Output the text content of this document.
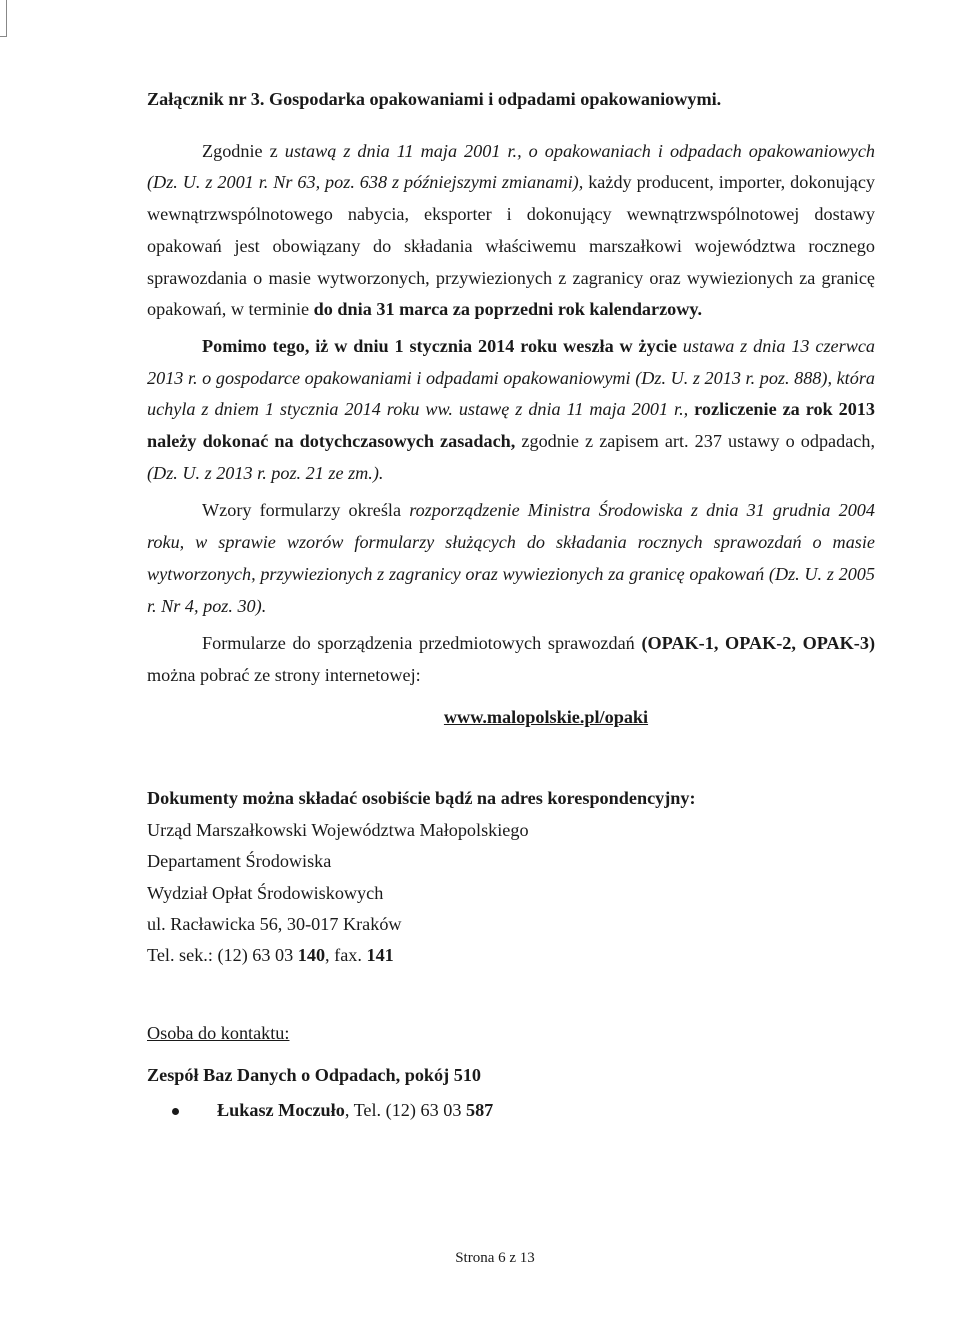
Załącznik nr 3. Gospodarka opakowaniami i odpadami opakowaniowymi.

Zgodnie z ustawą z dnia 11 maja 2001 r., o opakowaniach i odpadach opakowaniowych (Dz. U. z 2001 r. Nr 63, poz. 638 z późniejszymi zmianami), każdy producent, importer, dokonujący wewnątrzwspólnotowego nabycia, eksporter i dokonujący wewnątrzwspólnotowej dostawy opakowań jest obowiązany do składania właściwemu marszałkowi województwa rocznego sprawozdania o masie wytworzonych, przywiezionych z zagranicy oraz wywiezionych za granicę opakowań, w terminie do dnia 31 marca za poprzedni rok kalendarzowy.

Pomimo tego, iż w dniu 1 stycznia 2014 roku weszła w życie ustawa z dnia 13 czerwca 2013 r. o gospodarce opakowaniami i odpadami opakowaniowymi (Dz. U. z 2013 r. poz. 888), która uchyla z dniem 1 stycznia 2014 roku ww. ustawę z dnia 11 maja 2001 r., rozliczenie za rok 2013 należy dokonać na dotychczasowych zasadach, zgodnie z zapisem art. 237 ustawy o odpadach, (Dz. U. z 2013 r. poz. 21 ze zm.).

Wzory formularzy określa rozporządzenie Ministra Środowiska z dnia 31 grudnia 2004 roku, w sprawie wzorów formularzy służących do składania rocznych sprawozdań o masie wytworzonych, przywiezionych z zagranicy oraz wywiezionych za granicę opakowań (Dz. U. z 2005 r. Nr 4, poz. 30).

Formularze do sporządzenia przedmiotowych sprawozdań (OPAK-1, OPAK-2, OPAK-3) można pobrać ze strony internetowej:

www.malopolskie.pl/opaki

Dokumenty można składać osobiście bądź na adres korespondencyjny:

Urząd Marszałkowski Województwa Małopolskiego

Departament Środowiska

Wydział Opłat Środowiskowych

ul. Racławicka 56, 30-017 Kraków

Tel. sek.: (12) 63 03 140, fax. 141

Osoba do kontaktu:

Zespół Baz Danych o Odpadach, pokój 510

Łukasz Moczuło, Tel. (12) 63 03 587
Strona 6 z 13
